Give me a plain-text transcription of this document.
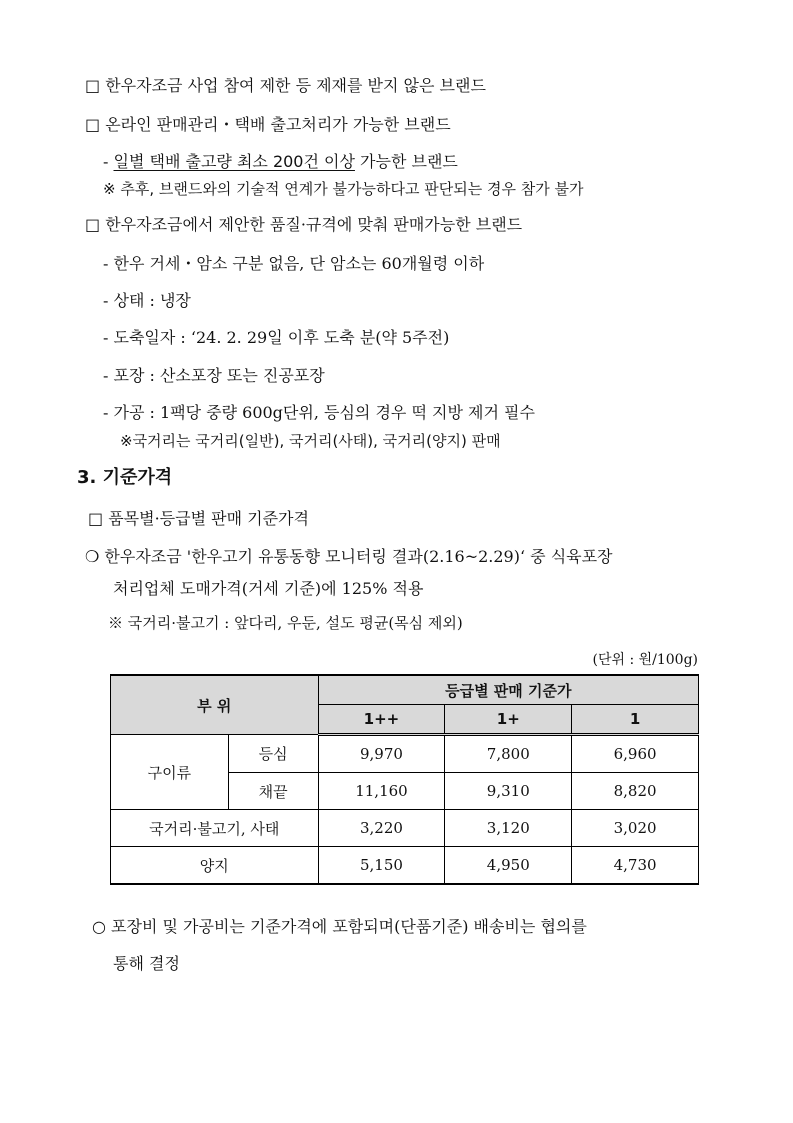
□ 한우자조금 사업 참여 제한 등 제재를 받지 않은 브랜드
□ 온라인 판매관리・택배 출고처리가 가능한 브랜드
- 일별 택배 출고량 최소 200건 이상 가능한 브랜드
※ 추후, 브랜드와의 기술적 연계가 불가능하다고 판단되는 경우 참가 불가
□ 한우자조금에서 제안한 품질·규격에 맞춰 판매가능한 브랜드
- 한우 거세・암소 구분 없음, 단 암소는 60개월령 이하
- 상태 : 냉장
- 도축일자 : ‘24. 2. 29일 이후 도축 분(약 5주전)
- 포장 : 산소포장 또는 진공포장
- 가공 : 1팩당 중량 600g단위, 등심의 경우 떡 지방 제거 필수
※국거리는 국거리(일반), 국거리(사태), 국거리(양지) 판매
3. 기준가격
□ 품목별·등급별 판매 기준가격
❍ 한우자조금 '한우고기 유통동향 모니터링 결과(2.16~2.29)‘ 중 식육포장
처리업체 도매가격(거세 기준)에 125% 적용
※ 국거리·불고기 : 앞다리, 우둔, 설도 평균(목심 제외)
(단위 : 원/100g)
부 위		등급별 판매 기준가		
		1++	1+	1
구이류	등심	9,970	7,800	6,960
	채끝	11,160	9,310	8,820
국거리·불고기, 사태		3,220	3,120	3,020
양지		5,150	4,950	4,730
○ 포장비 및 가공비는 기준가격에 포함되며(단품기준) 배송비는 협의를
통해 결정
